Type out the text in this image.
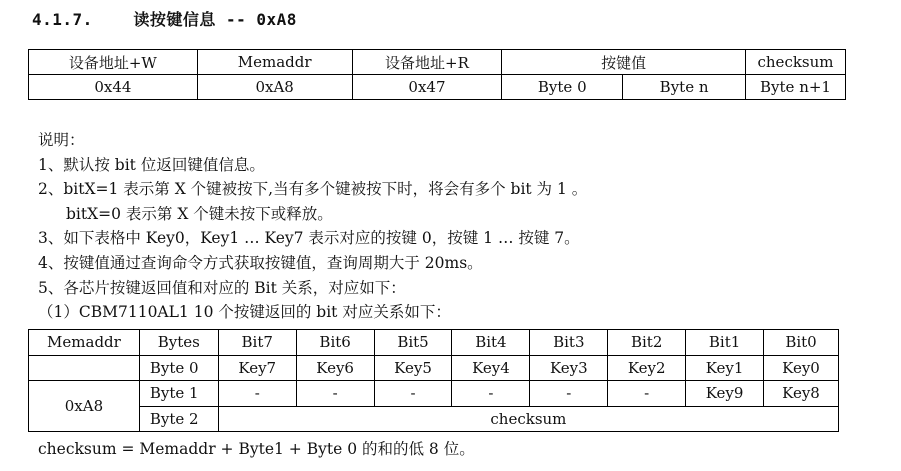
4.1.7.	读按键信息 -- 0xA8
设备地址+W	Memaddr	设备地址+R	按键值		checksum
0x44	0xA8	0x47	Byte 0	Byte n	Byte n+1
说明：
1、默认按 bit 位返回键值信息。
2、bitX=1 表示第 X 个键被按下,当有多个键被按下时，将会有多个 bit 为 1 。
bitX=0 表示第 X 个键未按下或释放。
3、如下表格中 Key0，Key1 … Key7 表示对应的按键 0，按键 1 … 按键 7。
4、按键值通过查询命令方式获取按键值，查询周期大于 20ms。
5、各芯片按键返回值和对应的 Bit 关系，对应如下：
（1）CBM7110AL1 10 个按键返回的 bit 对应关系如下：
Memaddr	Bytes	Bit7	Bit6	Bit5	Bit4	Bit3	Bit2	Bit1	Bit0
	Byte 0	Key7	Key6	Key5	Key4	Key3	Key2	Key1	Key0
0xA8	Byte 1	-	-	-	-	-	-	Key9	Key8
	Byte 2	checksum							
checksum = Memaddr + Byte1 + Byte 0 的和的低 8 位。
